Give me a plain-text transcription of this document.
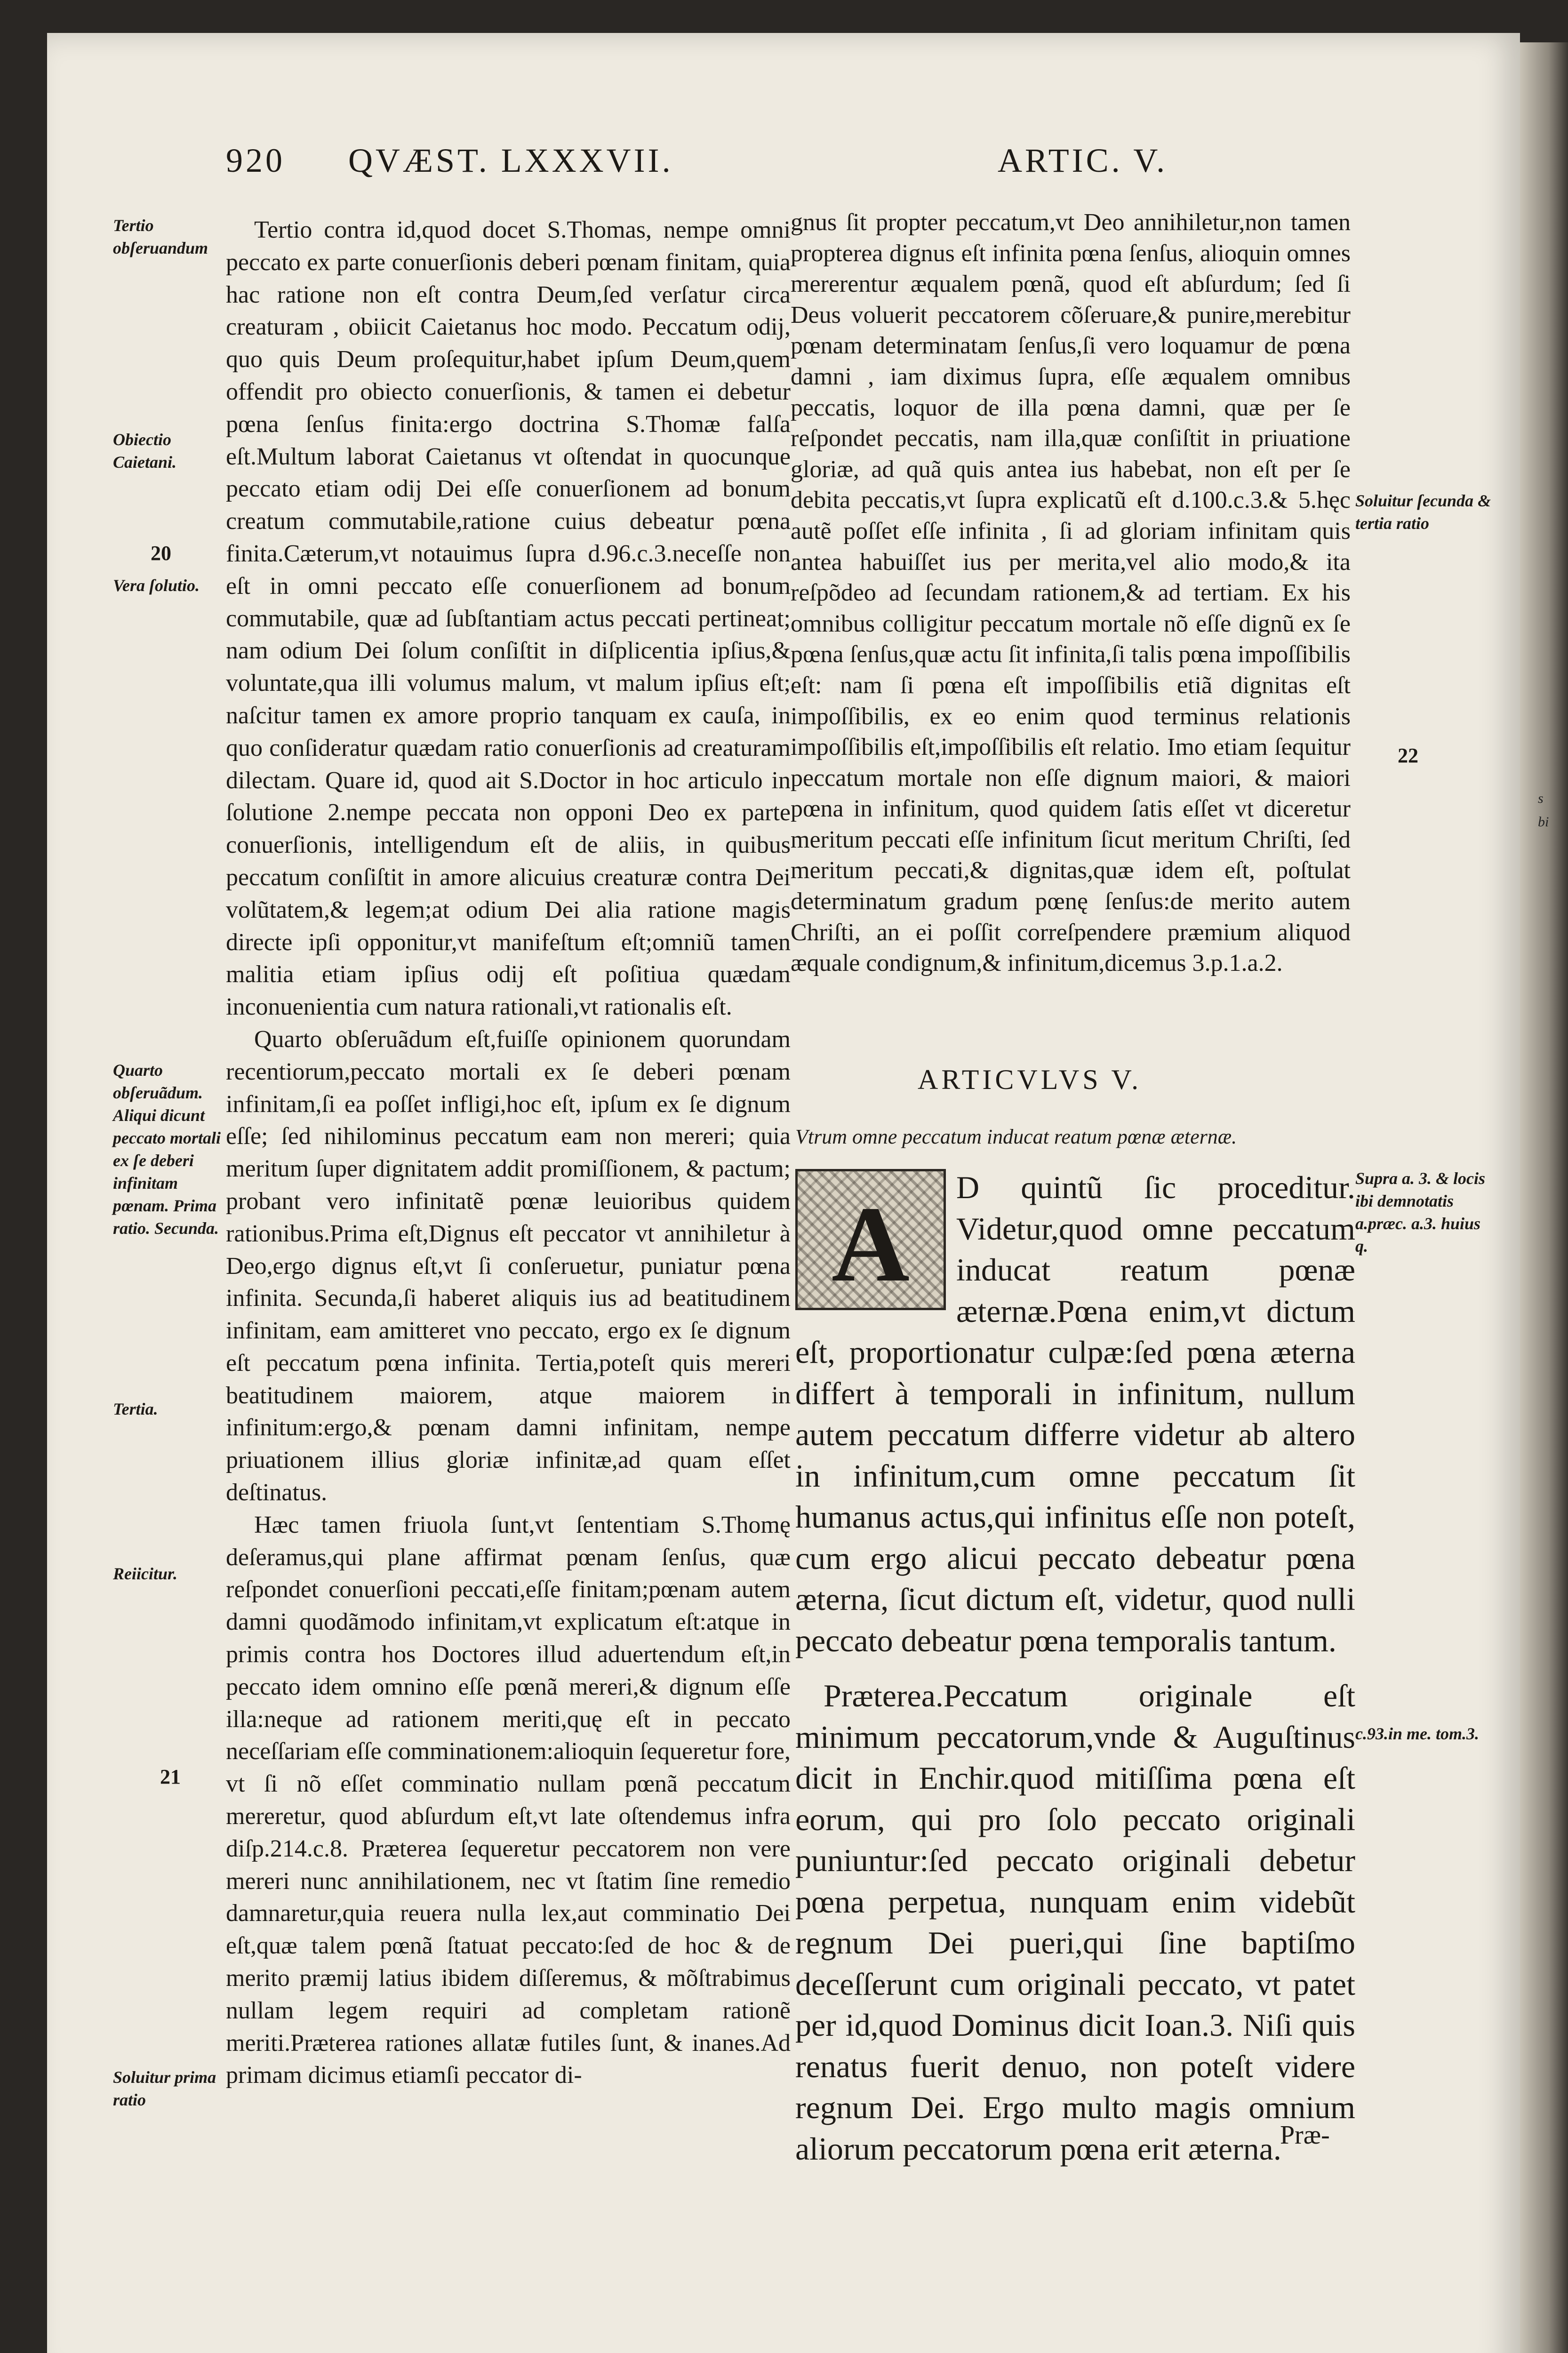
s
bi
920 QVÆST. LXXXVII.	ARTIC. V.
Tertio obſeruandum
Obiectio Caietani.
20
Vera ſolutio.
Quarto obſeruãdum. Aliqui dicunt peccato mortali ex ſe deberi infinitam pœnam. Prima ratio. Secunda.
Tertia.
Reiicitur.
21
Soluitur prima ratio

Tertio contra id,quod docet S.Thomas, nempe omni peccato ex parte conuerſionis deberi pœnam finitam, quia hac ratione non eſt contra Deum,ſed verſatur circa creaturam , obiicit Caietanus hoc modo. Peccatum odij, quo quis Deum proſequitur,habet ipſum Deum,quem offendit pro obiecto conuerſionis, & tamen ei debetur pœna ſenſus finita:ergo doctrina S.Thomæ falſa eſt.Multum laborat Caietanus vt oſtendat in quocunque peccato etiam odij Dei eſſe conuerſionem ad bonum creatum commutabile,ratione cuius debeatur pœna finita.Cæterum,vt notauimus ſupra d.96.c.3.neceſſe non eſt in omni peccato eſſe conuerſionem ad bonum commutabile, quæ ad ſubſtantiam actus peccati pertineat; nam odium Dei ſolum conſiſtit in diſplicentia ipſius,& voluntate,qua illi volumus malum, vt malum ipſius eſt; naſcitur tamen ex amore proprio tanquam ex cauſa, in quo conſideratur quædam ratio conuerſionis ad creaturam dilectam. Quare id, quod ait S.Doctor in hoc articulo in ſolutione 2.nempe peccata non opponi Deo ex parte conuerſionis, intelligendum eſt de aliis, in quibus peccatum conſiſtit in amore alicuius creaturæ contra Dei volũtatem,& legem;at odium Dei alia ratione magis directe ipſi opponitur,vt manifeſtum eſt;omniũ tamen malitia etiam ipſius odij eſt poſitiua quædam inconuenientia cum natura rationali,vt rationalis eſt.

Quarto obſeruãdum eſt,fuiſſe opinionem quorundam recentiorum,peccato mortali ex ſe deberi pœnam infinitam,ſi ea poſſet infligi,hoc eſt, ipſum ex ſe dignum eſſe; ſed nihilominus peccatum eam non mereri; quia meritum ſuper dignitatem addit promiſſionem, & pactum; probant vero infinitatẽ pœnæ leuioribus quidem rationibus.Prima eſt,Dignus eſt peccator vt annihiletur à Deo,ergo dignus eſt,vt ſi conſeruetur, puniatur pœna infinita. Secunda,ſi haberet aliquis ius ad beatitudinem infinitam, eam amitteret vno peccato, ergo ex ſe dignum eſt peccatum pœna infinita. Tertia,poteſt quis mereri beatitudinem maiorem, atque maiorem in infinitum:ergo,& pœnam damni infinitam, nempe priuationem illius gloriæ infinitæ,ad quam eſſet deſtinatus.

Hæc tamen friuola ſunt,vt ſententiam S.Thomę deſeramus,qui plane affirmat pœnam ſenſus, quæ reſpondet conuerſioni peccati,eſſe finitam;pœnam autem damni quodãmodo infinitam,vt explicatum eſt:atque in primis contra hos Doctores illud aduertendum eſt,in peccato idem omnino eſſe pœnã mereri,& dignum eſſe illa:neque ad rationem meriti,quę eſt in peccato neceſſariam eſſe comminationem:alioquin ſequeretur fore, vt ſi nõ eſſet comminatio nullam pœnã peccatum mereretur, quod abſurdum eſt,vt late oſtendemus infra diſp.214.c.8. Præterea ſequeretur peccatorem non vere mereri nunc annihilationem, nec vt ſtatim ſine remedio damnaretur,quia reuera nulla lex,aut comminatio Dei eſt,quæ talem pœnã ſtatuat peccato:ſed de hoc & de merito præmij latius ibidem diſſeremus, & mõſtrabimus nullam legem requiri ad completam rationẽ meriti.Præterea rationes allatæ futiles ſunt, & inanes.Ad primam dicimus etiamſi peccator di-

gnus ſit propter peccatum,vt Deo annihiletur,non tamen propterea dignus eſt infinita pœna ſenſus, alioquin omnes mererentur æqualem pœnã, quod eſt abſurdum; ſed ſi Deus voluerit peccatorem cõſeruare,& punire,merebitur pœnam determinatam ſenſus,ſi vero loquamur de pœna damni , iam diximus ſupra, eſſe æqualem omnibus peccatis, loquor de illa pœna damni, quæ per ſe reſpondet peccatis, nam illa,quæ conſiſtit in priuatione gloriæ, ad quã quis antea ius habebat, non eſt per ſe debita peccatis,vt ſupra explicatũ eſt d.100.c.3.& 5.hęc autẽ poſſet eſſe infinita , ſi ad gloriam infinitam quis antea habuiſſet ius per merita,vel alio modo,& ita reſpõdeo ad ſecundam rationem,& ad tertiam. Ex his omnibus colligitur peccatum mortale nõ eſſe dignũ ex ſe pœna ſenſus,quæ actu ſit infinita,ſi talis pœna impoſſibilis eſt: nam ſi pœna eſt impoſſibilis etiã dignitas eſt impoſſibilis, ex eo enim quod terminus relationis impoſſibilis eſt,impoſſibilis eſt relatio. Imo etiam ſequitur peccatum mortale non eſſe dignum maiori, & maiori pœna in infinitum, quod quidem ſatis eſſet vt diceretur meritum peccati eſſe infinitum ſicut meritum Chriſti, ſed meritum peccati,& dignitas,quæ idem eſt, poſtulat determinatum gradum pœnę ſenſus:de merito autem Chriſti, an ei poſſit correſpendere præmium aliquod æquale condignum,& infinitum,dicemus 3.p.1.a.2.

Soluitur ſecunda & tertia ratio
22
Supra a. 3. & locis ibi demnotatis a.præc. a.3. huius q.
c.93.in me. tom.3.
ARTICVLVS V.
Vtrum omne peccatum inducat reatum pœnæ æternæ.

A	D quintũ ſic proceditur. Videtur,quod omne peccatum inducat reatum pœnæ æternæ.Pœna enim,vt dictum eſt, proportionatur culpæ:ſed pœna æterna differt à temporali in infinitum, nullum autem peccatum differre videtur ab altero in infinitum,cum omne peccatum ſit humanus actus,qui infinitus eſſe non poteſt, cum ergo alicui peccato debeatur pœna æterna, ſicut dictum eſt, videtur, quod nulli peccato debeatur pœna temporalis tantum.

Præterea.Peccatum originale eſt minimum peccatorum,vnde & Auguſtinus dicit in Enchir.quod mitiſſima pœna eſt eorum, qui pro ſolo peccato originali puniuntur:ſed peccato originali debetur pœna perpetua, nunquam enim videbũt regnum Dei pueri,qui ſine baptiſmo deceſſerunt cum originali peccato, vt patet per id,quod Dominus dicit Ioan.3. Niſi quis renatus fuerit denuo, non poteſt videre regnum Dei. Ergo multo magis omnium aliorum peccatorum pœna erit æterna.

Præ-
